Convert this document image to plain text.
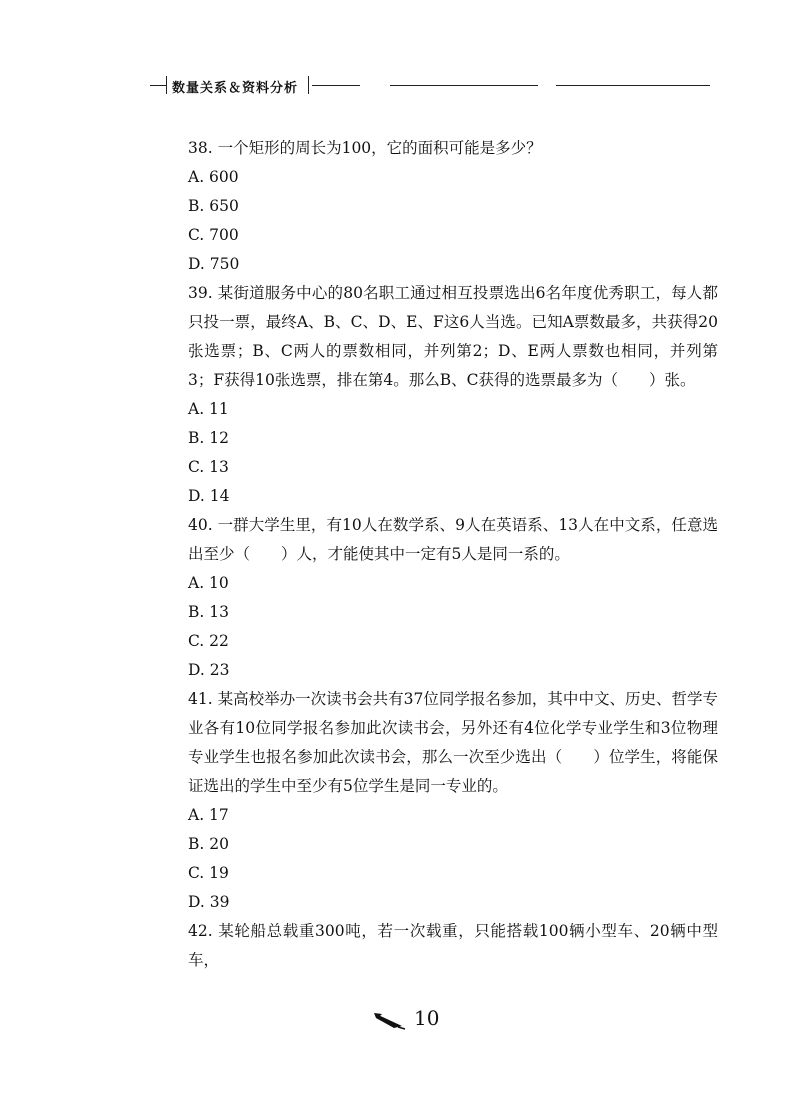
数量关系＆资料分析

38. 一个矩形的周长为100，它的面积可能是多少？

A. 600

B. 650

C. 700

D. 750

39. 某街道服务中心的80名职工通过相互投票选出6名年度优秀职工，每人都只投一票，最终A、B、C、D、E、F这6人当选。已知A票数最多，共获得20张选票；B、C两人的票数相同，并列第2；D、E两人票数也相同，并列第3；F获得10张选票，排在第4。那么B、C获得的选票最多为（　　）张。

A. 11

B. 12

C. 13

D. 14

40. 一群大学生里，有10人在数学系、9人在英语系、13人在中文系，任意选出至少（　　）人，才能使其中一定有5人是同一系的。

A. 10

B. 13

C. 22

D. 23

41. 某高校举办一次读书会共有37位同学报名参加，其中中文、历史、哲学专业各有10位同学报名参加此次读书会，另外还有4位化学专业学生和3位物理专业学生也报名参加此次读书会，那么一次至少选出（　　）位学生，将能保证选出的学生中至少有5位学生是同一专业的。

A. 17

B. 20

C. 19

D. 39

42. 某轮船总载重300吨，若一次载重，只能搭载100辆小型车、20辆中型车，

10
